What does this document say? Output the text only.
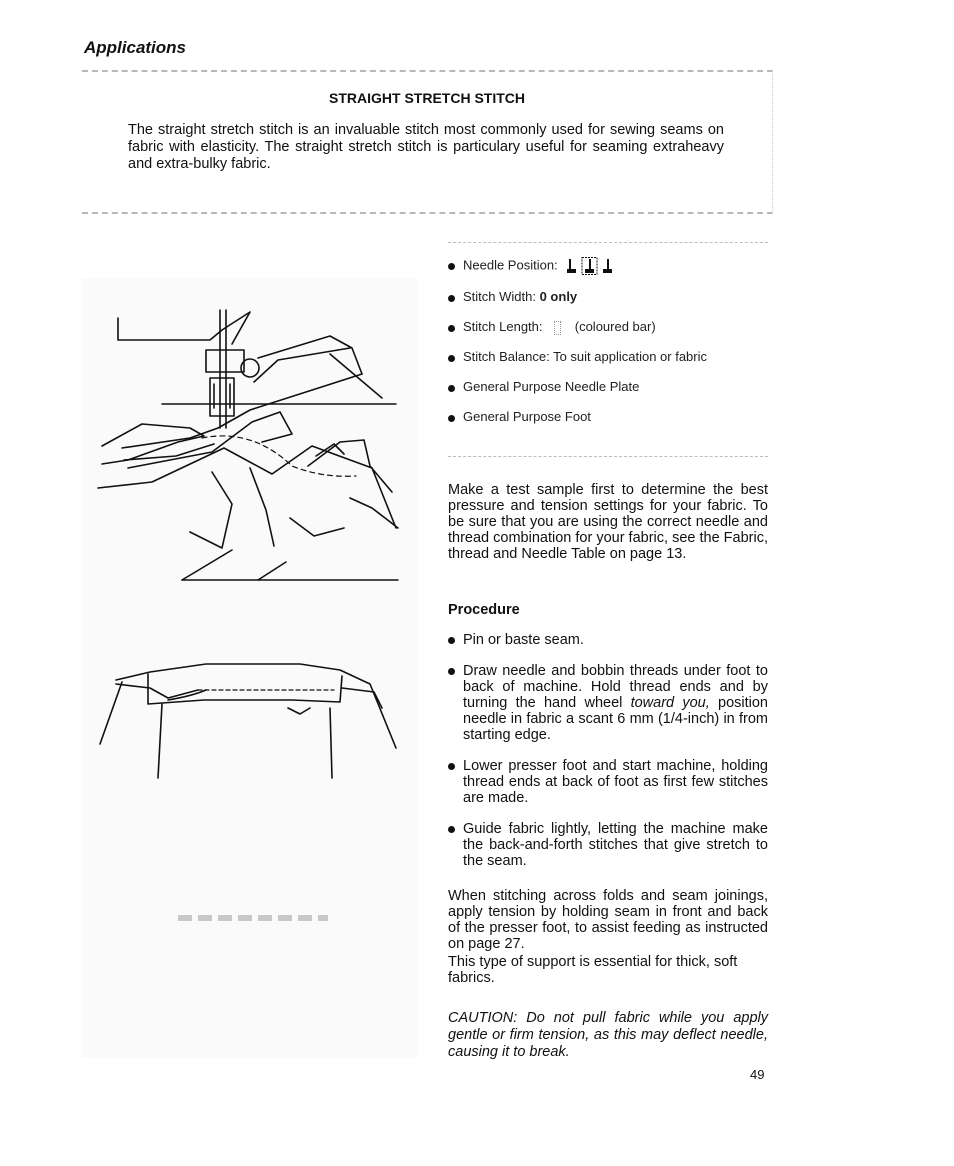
Applications
STRAIGHT STRETCH STITCH

The straight stretch stitch is an invaluable stitch most commonly used for sewing seams on fabric with elasticity. The straight stretch stitch is particulary useful for seaming extraheavy and extra-bulky fabric.

Needle Position:
Stitch Width: 0 only
Stitch Length: (coloured bar)
Stitch Balance: To suit application or fabric
General Purpose Needle Plate
General Purpose Foot

Make a test sample first to determine the best pressure and tension settings for your fabric. To be sure that you are using the correct needle and thread combination for your fabric, see the Fabric, thread and Needle Table on page 13.

Procedure
Pin or baste seam.
Draw needle and bobbin threads under foot to back of machine. Hold thread ends and by turning the hand wheel toward you, position needle in fabric a scant 6 mm (1/4-inch) in from starting edge.
Lower presser foot and start machine, holding thread ends at back of foot as first few stitches are made.
Guide fabric lightly, letting the machine make the back-and-forth stitches that give stretch to the seam.

When stitching across folds and seam joinings, apply tension by holding seam in front and back of the presser foot, to assist feeding as instructed on page 27.

This type of support is essential for thick, soft fabrics.

CAUTION: Do not pull fabric while you apply gentle or firm tension, as this may deflect needle, causing it to break.

49
